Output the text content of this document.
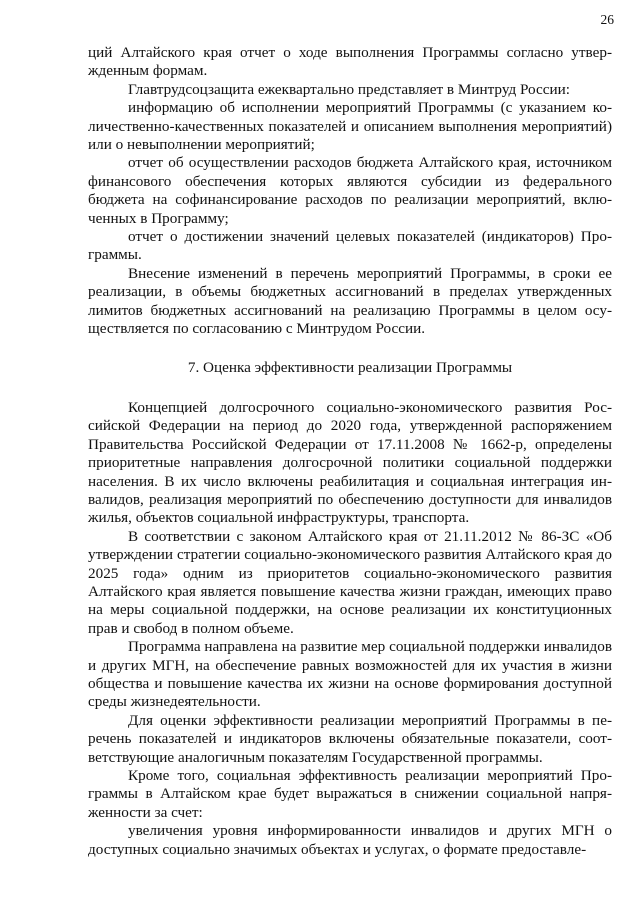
26

ций Алтайского края отчет о ходе выполнения Программы согласно утвержденным формам.

Главтрудсоцзащита ежеквартально представляет в Минтруд России:

информацию об исполнении мероприятий Программы (с указанием количественно-качественных показателей и описанием выполнения мероприятий) или о невыполнении мероприятий;

отчет об осуществлении расходов бюджета Алтайского края, источником финансового обеспечения которых являются субсидии из федерального бюджета на софинансирование расходов по реализации мероприятий, включенных в Программу;

отчет о достижении значений целевых показателей (индикаторов) Программы.

Внесение изменений в перечень мероприятий Программы, в сроки ее реализации, в объемы бюджетных ассигнований в пределах утвержденных лимитов бюджетных ассигнований на реализацию Программы в целом осуществляется по согласованию с Минтрудом России.

7. Оценка эффективности реализации Программы

Концепцией долгосрочного социально-экономического развития Российской Федерации на период до 2020 года, утвержденной распоряжением Правительства Российской Федерации от 17.11.2008 № 1662-р, определены приоритетные направления долгосрочной политики социальной поддержки населения. В их число включены реабилитация и социальная интеграция инвалидов, реализация мероприятий по обеспечению доступности для инвалидов жилья, объектов социальной инфраструктуры, транспорта.

В соответствии с законом Алтайского края от 21.11.2012 № 86-ЗС «Об утверждении стратегии социально-экономического развития Алтайского края до 2025 года» одним из приоритетов социально-экономического развития Алтайского края является повышение качества жизни граждан, имеющих право на меры социальной поддержки, на основе реализации их конституционных прав и свобод в полном объеме.

Программа направлена на развитие мер социальной поддержки инвалидов и других МГН, на обеспечение равных возможностей для их участия в жизни общества и повышение качества их жизни на основе формирования доступной среды жизнедеятельности.

Для оценки эффективности реализации мероприятий Программы в перечень показателей и индикаторов включены обязательные показатели, соответствующие аналогичным показателям Государственной программы.

Кроме того, социальная эффективность реализации мероприятий Программы в Алтайском крае будет выражаться в снижении социальной напряженности за счет:

увеличения уровня информированности инвалидов и других МГН о доступных социально значимых объектах и услугах, о формате предоставле-
